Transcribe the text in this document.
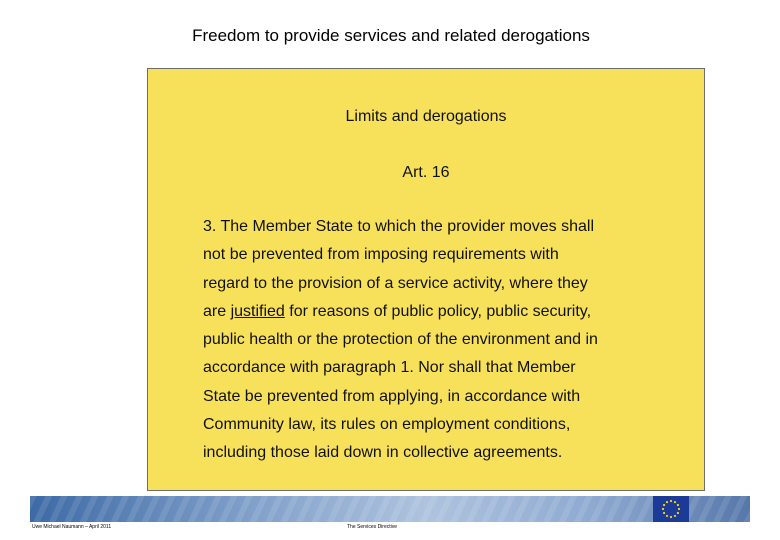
Freedom to provide services and related derogations
Limits and derogations
Art. 16
3. The Member State to which the provider moves shall
not be prevented from imposing requirements with
regard to the provision of a service activity, where they
are justified for reasons of public policy, public security,
public health or the protection of the environment and in
accordance with paragraph 1. Nor shall that Member
State be prevented from applying, in accordance with
Community law, its rules on employment conditions,
including those laid down in collective agreements.
Uwe Michael Naumann – April 2011	The Services Directive
